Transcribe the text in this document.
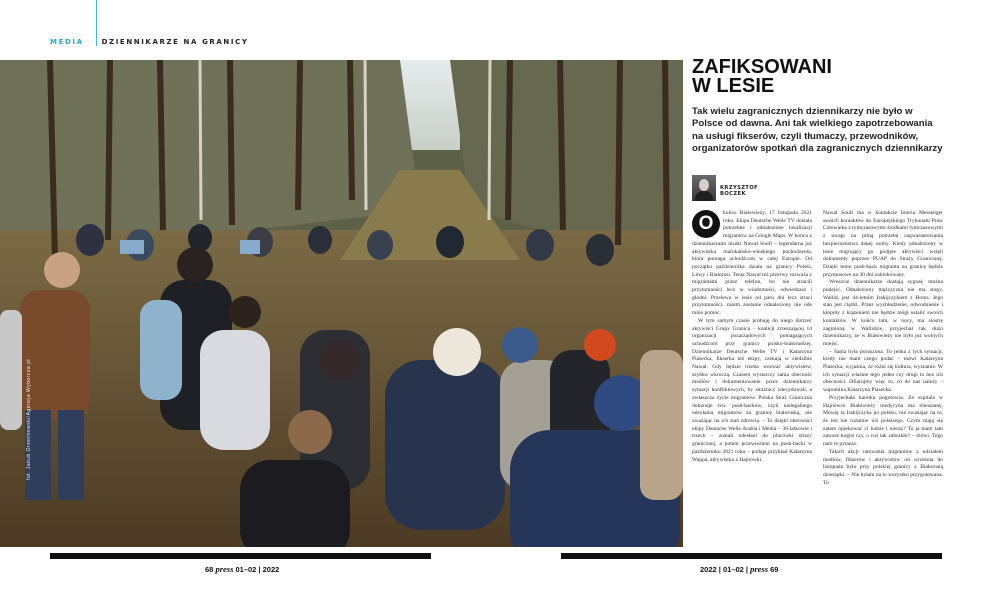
MEDIA	DZIENNIKARZE NA GRANICY
fot. Jakub Orzechowski/Agencja Wyborcza.pl
ZAFIKSOWANI
W LESIE
Tak wielu zagranicznych dziennikarzy nie było w Polsce od dawna. Ani tak wielkiego zapotrzebowania na usługi fikserów, czyli tłumaczy, przewodników, organizatorów spotkań dla zagranicznych dziennikarzy
KRZYSZTOF
BOCZEK
O	kolice Białowieży, 17 listopada 2021 roku. Ekipa Deutsche Welle TV dostała potrzebne i odnalezione lokalizacji migrantów na Google Maps. W końcu z dziennikarzami niszki Nawal Soufi – legendarna już aktywistka marokańsko-włoskiego pochodzenia, która pomaga uchodźcom w całej Europie. Od początku października działa na granicy Polski, Litwy i Białorusi. Teraz Nawal też przerwy rozważa z migrantami przez telefon, bo nie stracili przytomności lecz w wiadomości, odwiedzasz i głodni. Przelewa w lesie od paru dni lecz straci przytomności, zanim zostanie odnaleziony nie ode mnie pomoc.

W tym samym czasie próbuję do niego dotrzeć aktywiści Grupy Granica – koalicji zrzeszającej 14 organizacji pozarządowych pomagających uchodźcom przy granicy polsko-białoruskiej. Dziennikarze Deutsche Welle TV i Katarzyna Piasecka, fikserka też ekipy, czekają w siedzibie Nawal. Gdy będzie trzeba wezwać aktywistów, szybko wkroczą. Czasem wystarczy sama obecność mediów i dokumentowanie przez dziennikarzy sytuacji konfliktowych, by strażnicy zdecydowali, a zwłaszcza życie migrantów. Polska Straż Graniczna dokonuje tzw. push-backów, czyli nielegalnego odsyłania migrantów za granicę białoruską, nie zważając na ich stan zdrowia. – To dzięki obecności ekipy Deutsche Welle Arabia i Media – 30-latkowie i trzech – zostali odesłani do placówki straży granicznej, a potem przewiezieni na push-backi w październiku 2021 roku – podaje przykład Katarzyna Wappa, aktywistka z Hajnówki.

Nawal Soufi ma w kontakcie Interia Messenger swoich kontaktów do Europejskiego Trybunału Praw Człowieka z tymczasowymi środkami tymczasowymi z uwagi na pilną potrzebę zagwarantowania bezpieczeństwa danej osoby. Kiedy odnaleziony w lesie migrujący go podjęte aktywiści wzięli dokumenty poprzez PUAP do Straży Granicznej. Dzięki temu push-back migranta na granicę będzie przymusowe na 30 dni zablokowany.

Wreszcie dziennikarze dostają sygnał, można podejść. Odnaleziony mężczyzna nie ma stopy. Wallid, jest 44-letnim Irakijczykiem z Homs. Jego stan jest ciężki. Przez wychłodzenie, odwodnienie i kłopoty z krążeniem nie będzie mógł ustalić swoich kontaktów. W końcu tam, w nocy, ma siostrę zaginioną w Wallidzie, przyjechał tak dużo dziennikarzy, że w Białowieży nie było już wolnych miejsc.

– Sama była poruszona. To jedna z tych sytuacji, kiedy nie mam czego podać – mówi Katarzyna Piasecka, wyjaśnia, że różni się kultura, wyznanie. W ich sytuacji właśnie tego jeden czy drugi to bez ich obecności. Ofiarujmy więc to, co do nas należy – wspomina Katarzyna Piasecka.

Przyjechała karetka pogotowia. Ze szpitala w Hajnówce Białowieży medycyna ma mieszanej. Mówię ta Irakijczyka po polsku, nie zważając na to, że ten nie rozumie ich polskiego. Czym mają się zatem opiekować ci ludzie i nieraz? To ja mam tam zawsze kogoś czy, o coś tak zabrakło? – mówi. Tego nam te pytania.

Takich akcji ratowania migrantów z udziałem mediów, fikserów i aktywistów od września do listopada było przy polskiej granicy z Białorusią dziesiątki. – Nie byłam na to wszystko przygotowana. To

68 press 01–02 | 2022	2022 | 01–02 | press 69
